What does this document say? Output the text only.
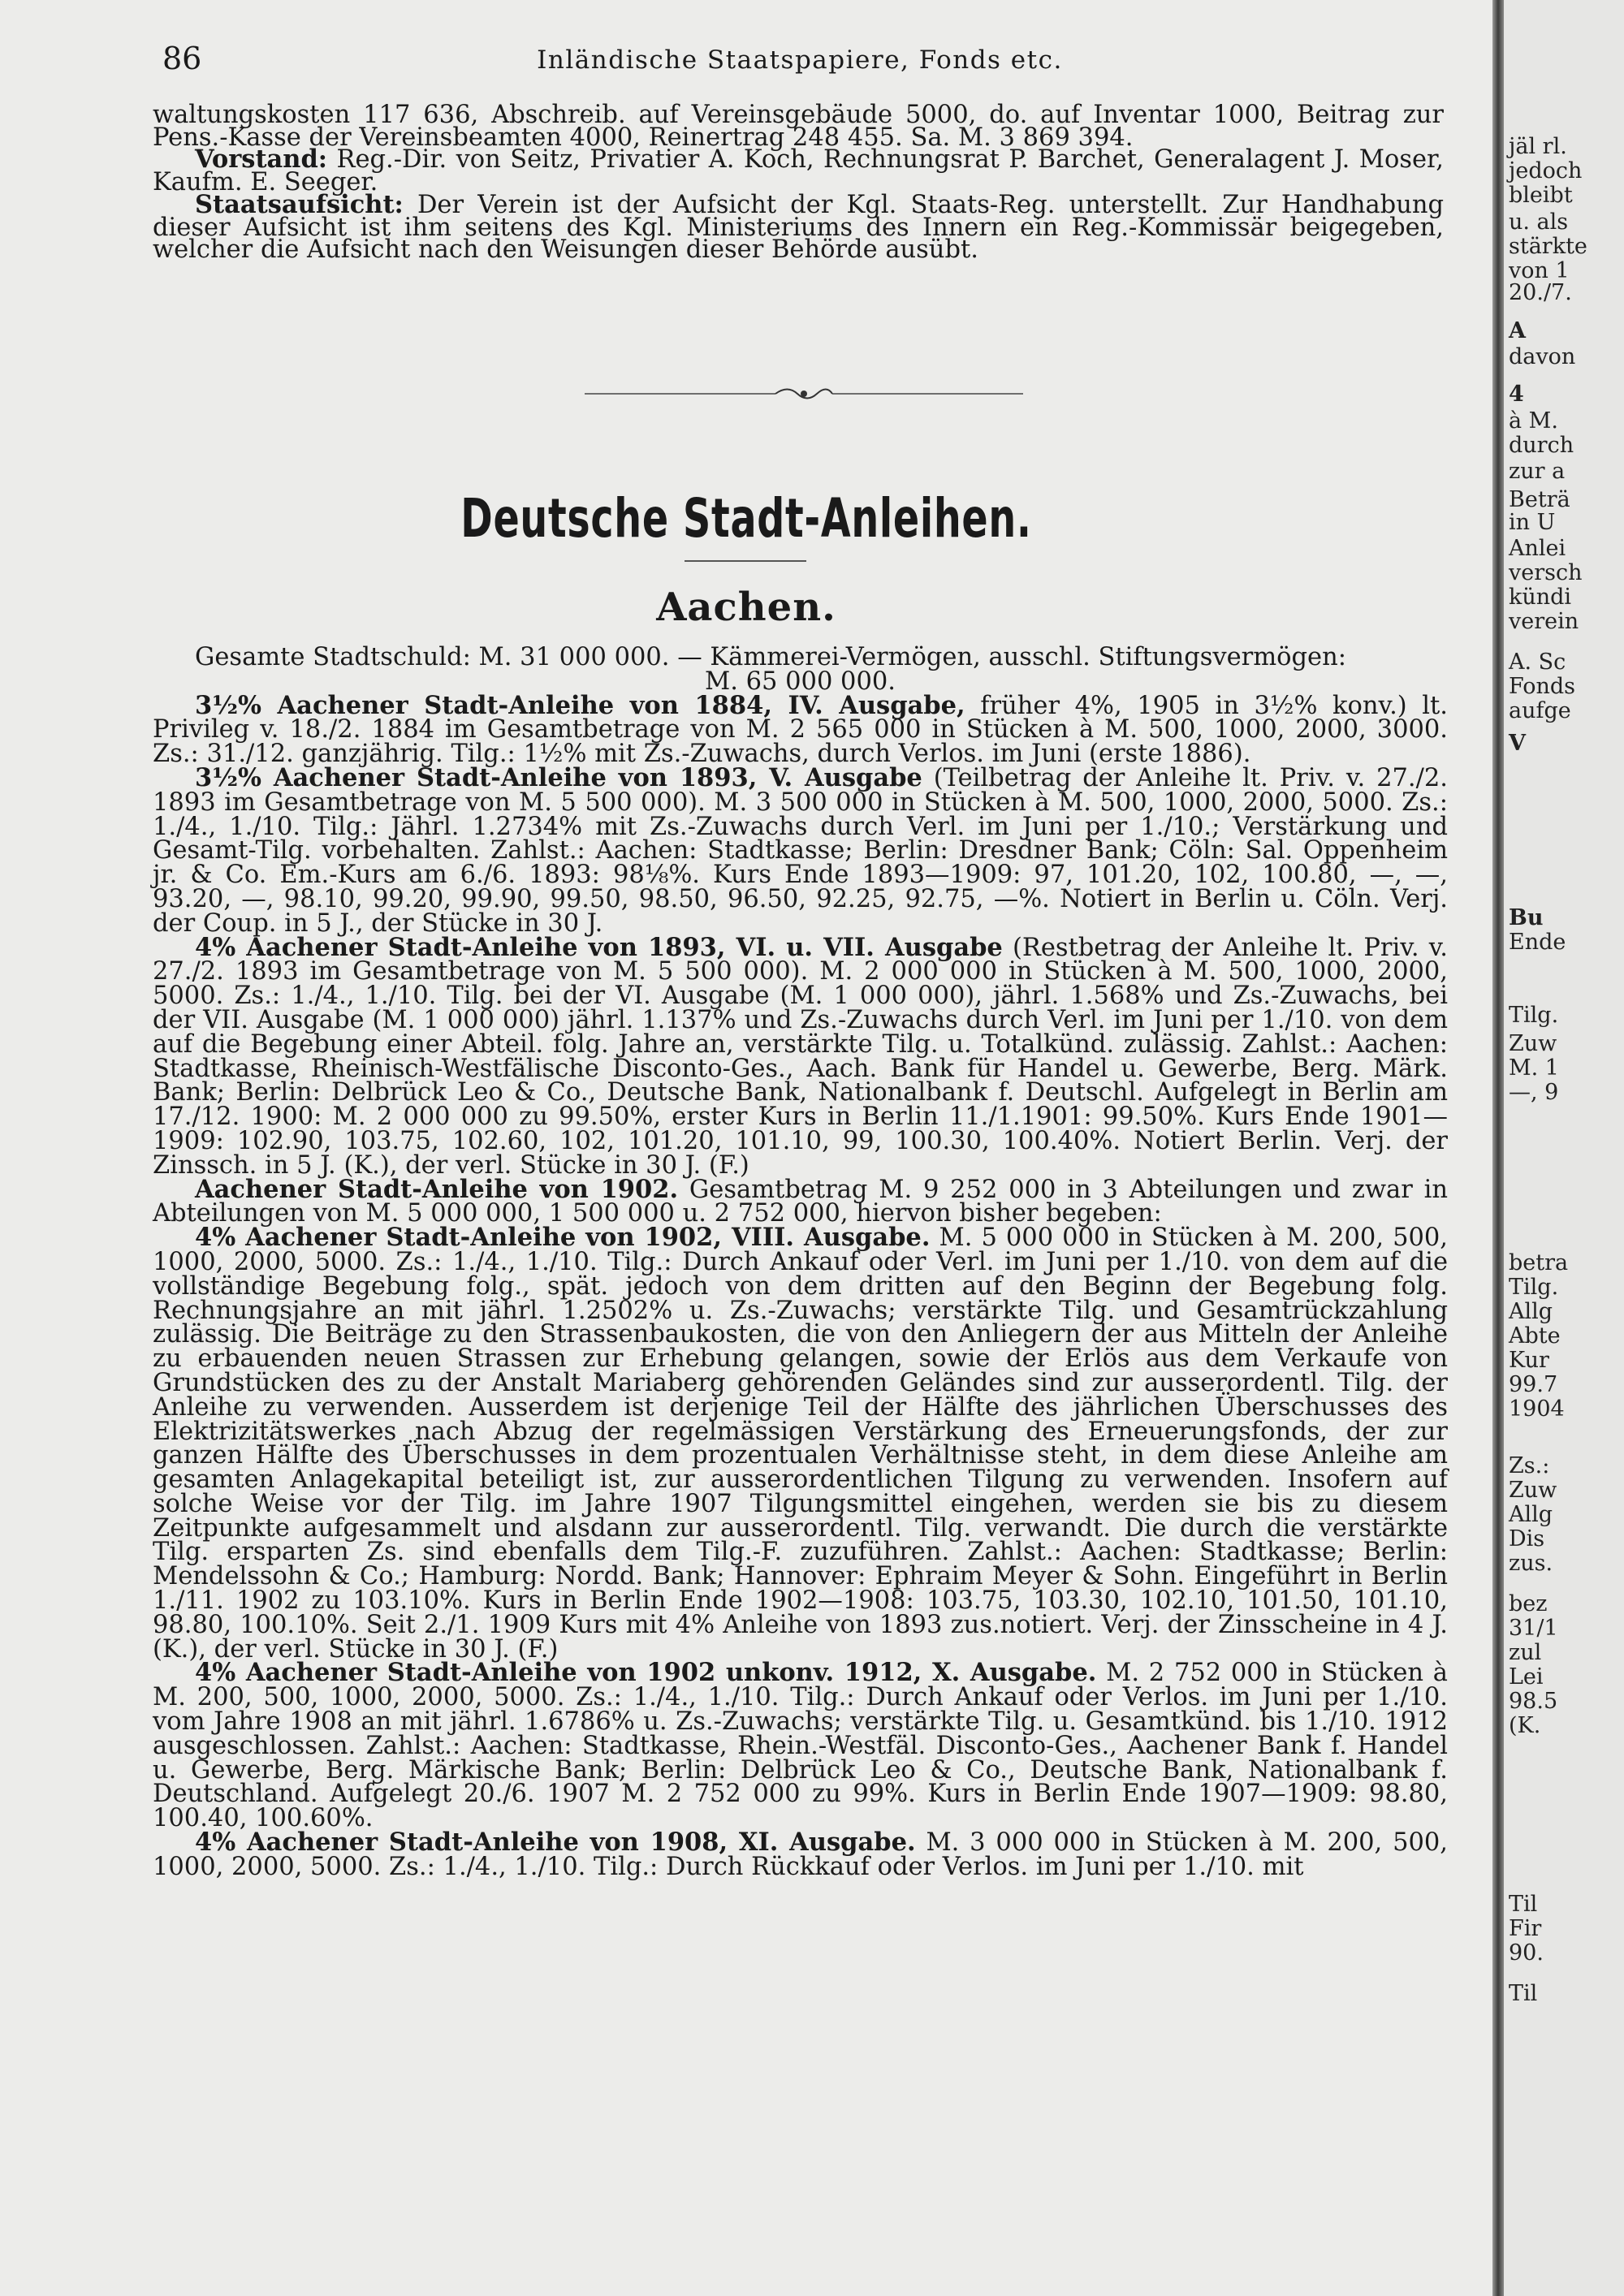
86	Inländische Staatspapiere, Fonds etc.

waltungskosten 117 636, Abschreib. auf Vereinsgebäude 5000, do. auf Inventar 1000, Beitrag zur Pens.-Kasse der Vereinsbeamten 4000, Reinertrag 248 455. Sa. M. 3 869 394.

Vorstand: Reg.-Dir. von Seitz, Privatier A. Koch, Rechnungsrat P. Barchet, Generalagent J. Moser, Kaufm. E. Seeger.

Staatsaufsicht: Der Verein ist der Aufsicht der Kgl. Staats-Reg. unterstellt. Zur Handhabung dieser Aufsicht ist ihm seitens des Kgl. Ministeriums des Innern ein Reg.-Kommissär beigegeben, welcher die Aufsicht nach den Weisungen dieser Behörde ausübt.

Deutsche Stadt-Anleihen.
Aachen.

Gesamte Stadtschuld: M. 31 000 000. — Kämmerei-Vermögen, ausschl. Stiftungsvermögen:

M. 65 000 000.

3½% Aachener Stadt-Anleihe von 1884, IV. Ausgabe, früher 4%, 1905 in 3½% konv.) lt. Privileg v. 18./2. 1884 im Gesamtbetrage von M. 2 565 000 in Stücken à M. 500, 1000, 2000, 3000. Zs.: 31./12. ganzjährig. Tilg.: 1½% mit Zs.-Zuwachs, durch Verlos. im Juni (erste 1886).

3½% Aachener Stadt-Anleihe von 1893, V. Ausgabe (Teilbetrag der Anleihe lt. Priv. v. 27./2. 1893 im Gesamtbetrage von M. 5 500 000). M. 3 500 000 in Stücken à M. 500, 1000, 2000, 5000. Zs.: 1./4., 1./10. Tilg.: Jährl. 1.2734% mit Zs.-Zuwachs durch Verl. im Juni per 1./10.; Verstärkung und Gesamt-Tilg. vorbehalten. Zahlst.: Aachen: Stadtkasse; Berlin: Dresdner Bank; Cöln: Sal. Oppenheim jr. & Co. Em.-Kurs am 6./6. 1893: 98⅛%. Kurs Ende 1893—1909: 97, 101.20, 102, 100.80, —, —, 93.20, —, 98.10, 99.20, 99.90, 99.50, 98.50, 96.50, 92.25, 92.75, —%. Notiert in Berlin u. Cöln. Verj. der Coup. in 5 J., der Stücke in 30 J.

4% Aachener Stadt-Anleihe von 1893, VI. u. VII. Ausgabe (Restbetrag der Anleihe lt. Priv. v. 27./2. 1893 im Gesamtbetrage von M. 5 500 000). M. 2 000 000 in Stücken à M. 500, 1000, 2000, 5000. Zs.: 1./4., 1./10. Tilg. bei der VI. Ausgabe (M. 1 000 000), jährl. 1.568% und Zs.-Zuwachs, bei der VII. Ausgabe (M. 1 000 000) jährl. 1.137% und Zs.-Zuwachs durch Verl. im Juni per 1./10. von dem auf die Begebung einer Abteil. folg. Jahre an, verstärkte Tilg. u. Totalkünd. zulässig. Zahlst.: Aachen: Stadtkasse, Rheinisch-Westfälische Disconto-Ges., Aach. Bank für Handel u. Gewerbe, Berg. Märk. Bank; Berlin: Delbrück Leo & Co., Deutsche Bank, Nationalbank f. Deutschl. Aufgelegt in Berlin am 17./12. 1900: M. 2 000 000 zu 99.50%, erster Kurs in Berlin 11./1.1901: 99.50%. Kurs Ende 1901—1909: 102.90, 103.75, 102.60, 102, 101.20, 101.10, 99, 100.30, 100.40%. Notiert Berlin. Verj. der Zinssch. in 5 J. (K.), der verl. Stücke in 30 J. (F.)

Aachener Stadt-Anleihe von 1902. Gesamtbetrag M. 9 252 000 in 3 Abteilungen und zwar in Abteilungen von M. 5 000 000, 1 500 000 u. 2 752 000, hiervon bisher begeben:

4% Aachener Stadt-Anleihe von 1902, VIII. Ausgabe. M. 5 000 000 in Stücken à M. 200, 500, 1000, 2000, 5000. Zs.: 1./4., 1./10. Tilg.: Durch Ankauf oder Verl. im Juni per 1./10. von dem auf die vollständige Begebung folg., spät. jedoch von dem dritten auf den Beginn der Begebung folg. Rechnungsjahre an mit jährl. 1.2502% u. Zs.-Zuwachs; verstärkte Tilg. und Gesamtrückzahlung zulässig. Die Beiträge zu den Strassenbaukosten, die von den Anliegern der aus Mitteln der Anleihe zu erbauenden neuen Strassen zur Erhebung gelangen, sowie der Erlös aus dem Verkaufe von Grundstücken des zu der Anstalt Mariaberg gehörenden Geländes sind zur ausserordentl. Tilg. der Anleihe zu verwenden. Ausserdem ist derjenige Teil der Hälfte des jährlichen Überschusses des Elektrizitätswerkes nach Abzug der regelmässigen Verstärkung des Erneuerungsfonds, der zur ganzen Hälfte des Überschusses in dem prozentualen Verhältnisse steht, in dem diese Anleihe am gesamten Anlagekapital beteiligt ist, zur ausserordentlichen Tilgung zu verwenden. Insofern auf solche Weise vor der Tilg. im Jahre 1907 Tilgungsmittel eingehen, werden sie bis zu diesem Zeitpunkte aufgesammelt und alsdann zur ausserordentl. Tilg. verwandt. Die durch die verstärkte Tilg. ersparten Zs. sind ebenfalls dem Tilg.-F. zuzuführen. Zahlst.: Aachen: Stadtkasse; Berlin: Mendelssohn & Co.; Hamburg: Nordd. Bank; Hannover: Ephraim Meyer & Sohn. Eingeführt in Berlin 1./11. 1902 zu 103.10%. Kurs in Berlin Ende 1902—1908: 103.75, 103.30, 102.10, 101.50, 101.10, 98.80, 100.10%. Seit 2./1. 1909 Kurs mit 4% Anleihe von 1893 zus.notiert. Verj. der Zinsscheine in 4 J. (K.), der verl. Stücke in 30 J. (F.)

4% Aachener Stadt-Anleihe von 1902 unkonv. 1912, X. Ausgabe. M. 2 752 000 in Stücken à M. 200, 500, 1000, 2000, 5000. Zs.: 1./4., 1./10. Tilg.: Durch Ankauf oder Verlos. im Juni per 1./10. vom Jahre 1908 an mit jährl. 1.6786% u. Zs.-Zuwachs; verstärkte Tilg. u. Gesamtkünd. bis 1./10. 1912 ausgeschlossen. Zahlst.: Aachen: Stadtkasse, Rhein.-Westfäl. Disconto-Ges., Aachener Bank f. Handel u. Gewerbe, Berg. Märkische Bank; Berlin: Delbrück Leo & Co., Deutsche Bank, Nationalbank f. Deutschland. Aufgelegt 20./6. 1907 M. 2 752 000 zu 99%. Kurs in Berlin Ende 1907—1909: 98.80, 100.40, 100.60%.

4% Aachener Stadt-Anleihe von 1908, XI. Ausgabe. M. 3 000 000 in Stücken à M. 200, 500, 1000, 2000, 5000. Zs.: 1./4., 1./10. Tilg.: Durch Rückkauf oder Verlos. im Juni per 1./10. mit

jäl rl.
jedoch
bleibt
u. als
stärkte
von 1
20./7.
A
davon
4
à M.
durch
zur a
Beträ
in U
Anlei
versch
kündi
verein
A. Sc
Fonds
aufge
V
Bu
Ende
Tilg.
Zuw
M. 1
—, 9
betra
Tilg.
Allg
Abte
Kur
99.7
1904
Zs.:
Zuw
Allg
Dis
zus.
bez
31/1
zul
Lei
98.5
(K.
Til
Fir
90.
Til
